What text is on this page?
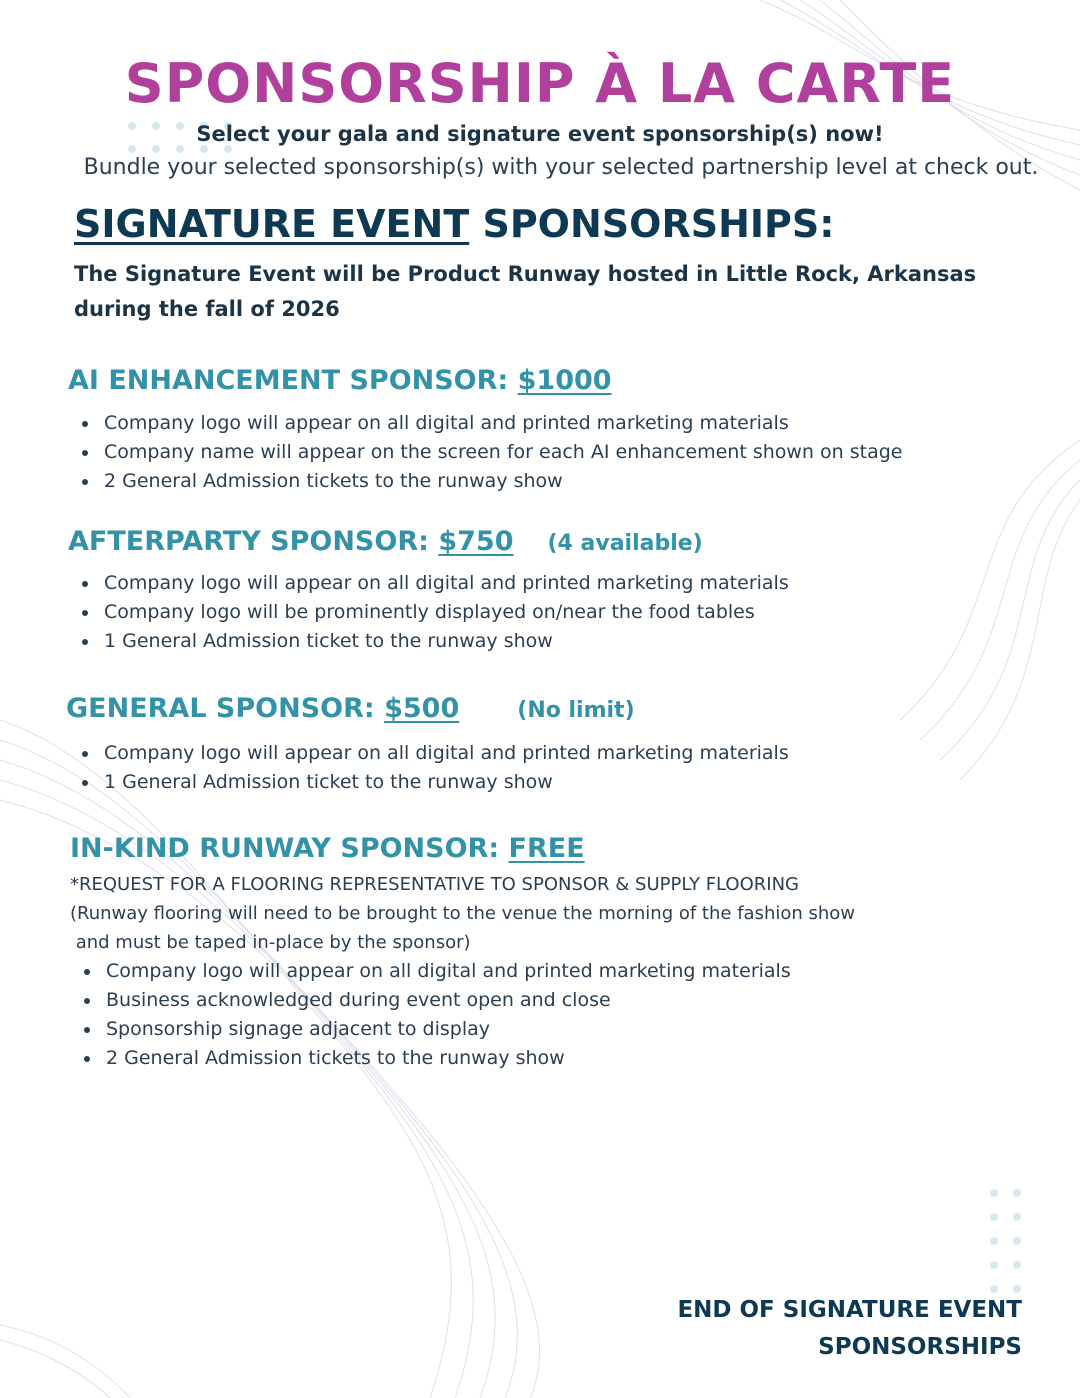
SPONSORSHIP À LA CARTE
Select your gala and signature event sponsorship(s) now!
Bundle your selected sponsorship(s) with your selected partnership level at check out.
SIGNATURE EVENT SPONSORSHIPS:
The Signature Event will be Product Runway hosted in Little Rock, Arkansas
during the fall of 2026
AI ENHANCEMENT SPONSOR: $1000
Company logo will appear on all digital and printed marketing materials
Company name will appear on the screen for each AI enhancement shown on stage
2 General Admission tickets to the runway show
AFTERPARTY SPONSOR: $750 (4 available)
Company logo will appear on all digital and printed marketing materials
Company logo will be prominently displayed on/near the food tables
1 General Admission ticket to the runway show
GENERAL SPONSOR: $500	(No limit)
Company logo will appear on all digital and printed marketing materials
1 General Admission ticket to the runway show
IN-KIND RUNWAY SPONSOR: FREE
*REQUEST FOR A FLOORING REPRESENTATIVE TO SPONSOR & SUPPLY FLOORING
(Runway flooring will need to be brought to the venue the morning of the fashion show
and must be taped in-place by the sponsor)
Company logo will appear on all digital and printed marketing materials
Business acknowledged during event open and close
Sponsorship signage adjacent to display
2 General Admission tickets to the runway show
END OF SIGNATURE EVENT
SPONSORSHIPS
